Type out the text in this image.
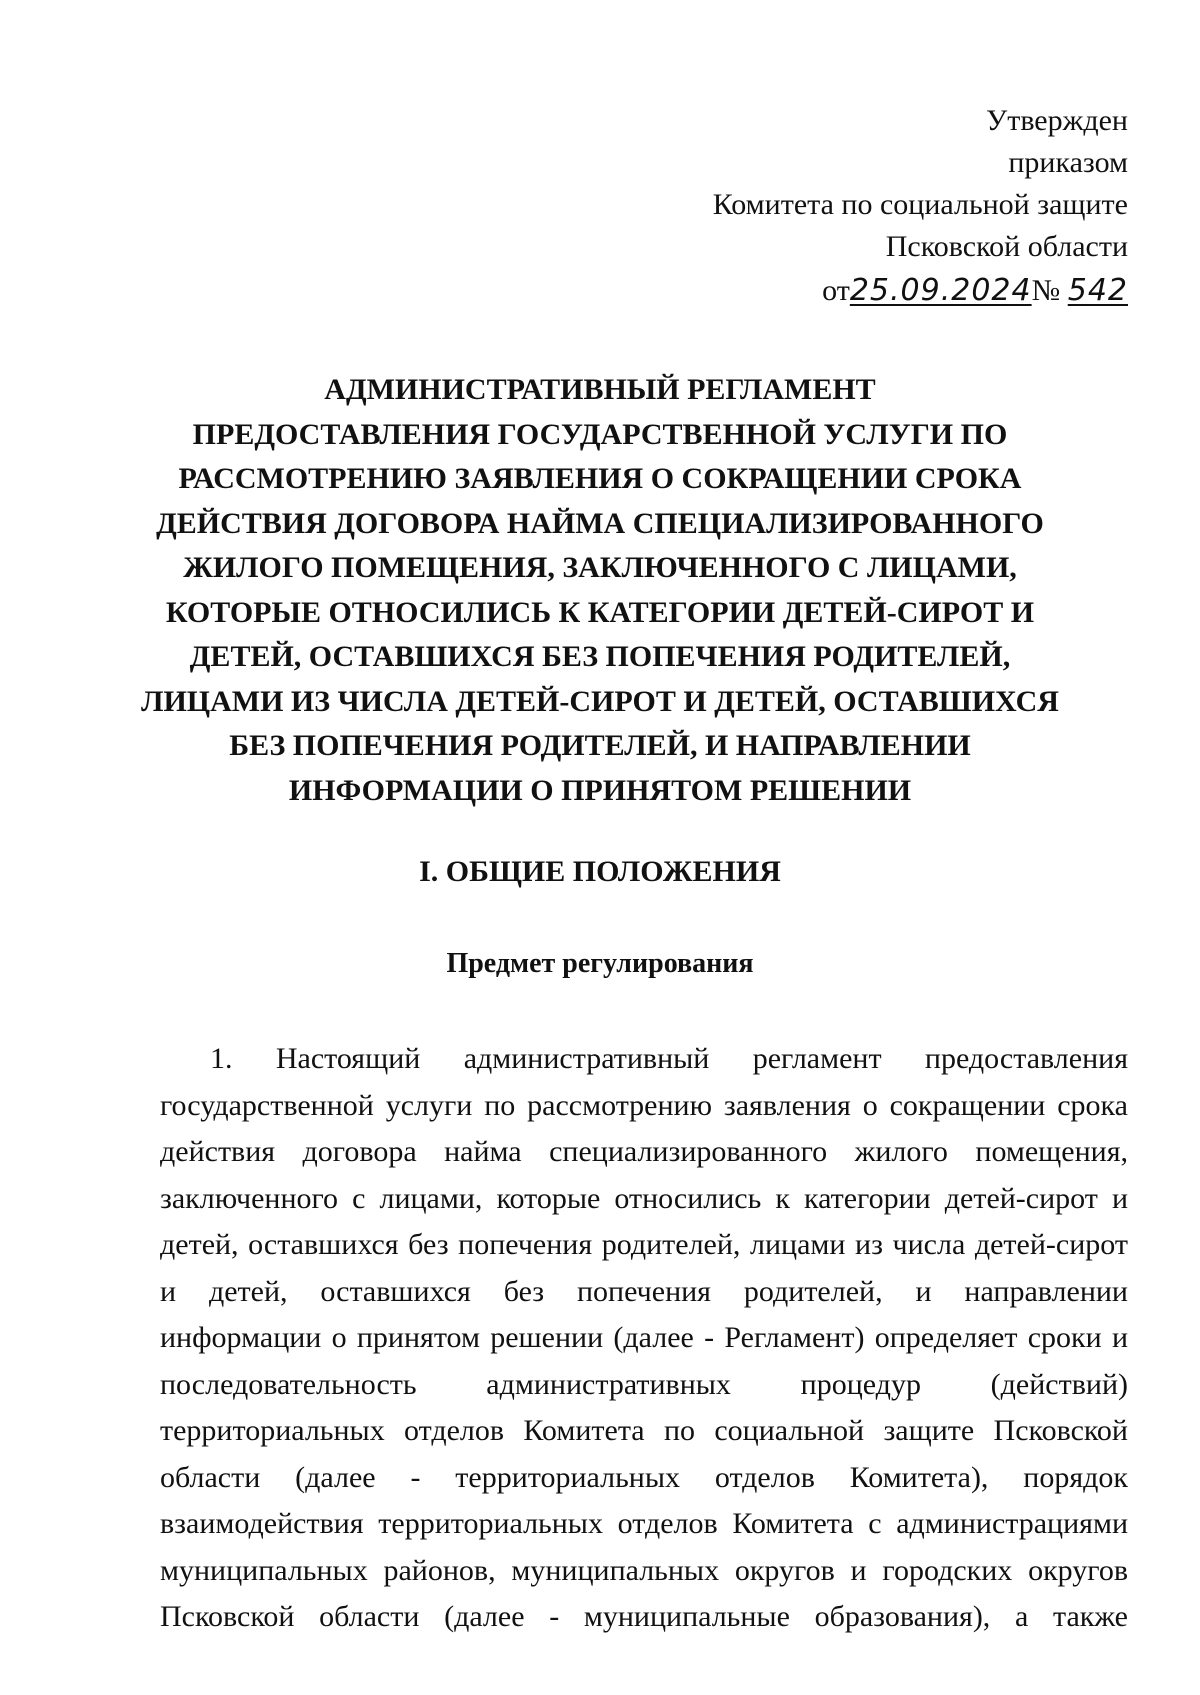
Утвержден
приказом
Комитета по социальной защите
Псковской области
от25.09.2024№ 542
АДМИНИСТРАТИВНЫЙ РЕГЛАМЕНТ
ПРЕДОСТАВЛЕНИЯ ГОСУДАРСТВЕННОЙ УСЛУГИ ПО
РАССМОТРЕНИЮ ЗАЯВЛЕНИЯ О СОКРАЩЕНИИ СРОКА
ДЕЙСТВИЯ ДОГОВОРА НАЙМА СПЕЦИАЛИЗИРОВАННОГО
ЖИЛОГО ПОМЕЩЕНИЯ, ЗАКЛЮЧЕННОГО С ЛИЦАМИ,
КОТОРЫЕ ОТНОСИЛИСЬ К КАТЕГОРИИ ДЕТЕЙ-СИРОТ И
ДЕТЕЙ, ОСТАВШИХСЯ БЕЗ ПОПЕЧЕНИЯ РОДИТЕЛЕЙ,
ЛИЦАМИ ИЗ ЧИСЛА ДЕТЕЙ-СИРОТ И ДЕТЕЙ, ОСТАВШИХСЯ
БЕЗ ПОПЕЧЕНИЯ РОДИТЕЛЕЙ, И НАПРАВЛЕНИИ
ИНФОРМАЦИИ О ПРИНЯТОМ РЕШЕНИИ
I. ОБЩИЕ ПОЛОЖЕНИЯ
Предмет регулирования
1. Настоящий административный регламент предоставления
государственной услуги по рассмотрению заявления о сокращении срока
действия договора найма специализированного жилого помещения,
заключенного с лицами, которые относились к категории детей-сирот и
детей, оставшихся без попечения родителей, лицами из числа детей-сирот
и детей, оставшихся без попечения родителей, и направлении
информации о принятом решении (далее - Регламент) определяет сроки и
последовательность административных процедур (действий)
территориальных отделов Комитета по социальной защите Псковской
области (далее - территориальных отделов Комитета), порядок
взаимодействия территориальных отделов Комитета с администрациями
муниципальных районов, муниципальных округов и городских округов
Псковской области (далее - муниципальные образования), а также
